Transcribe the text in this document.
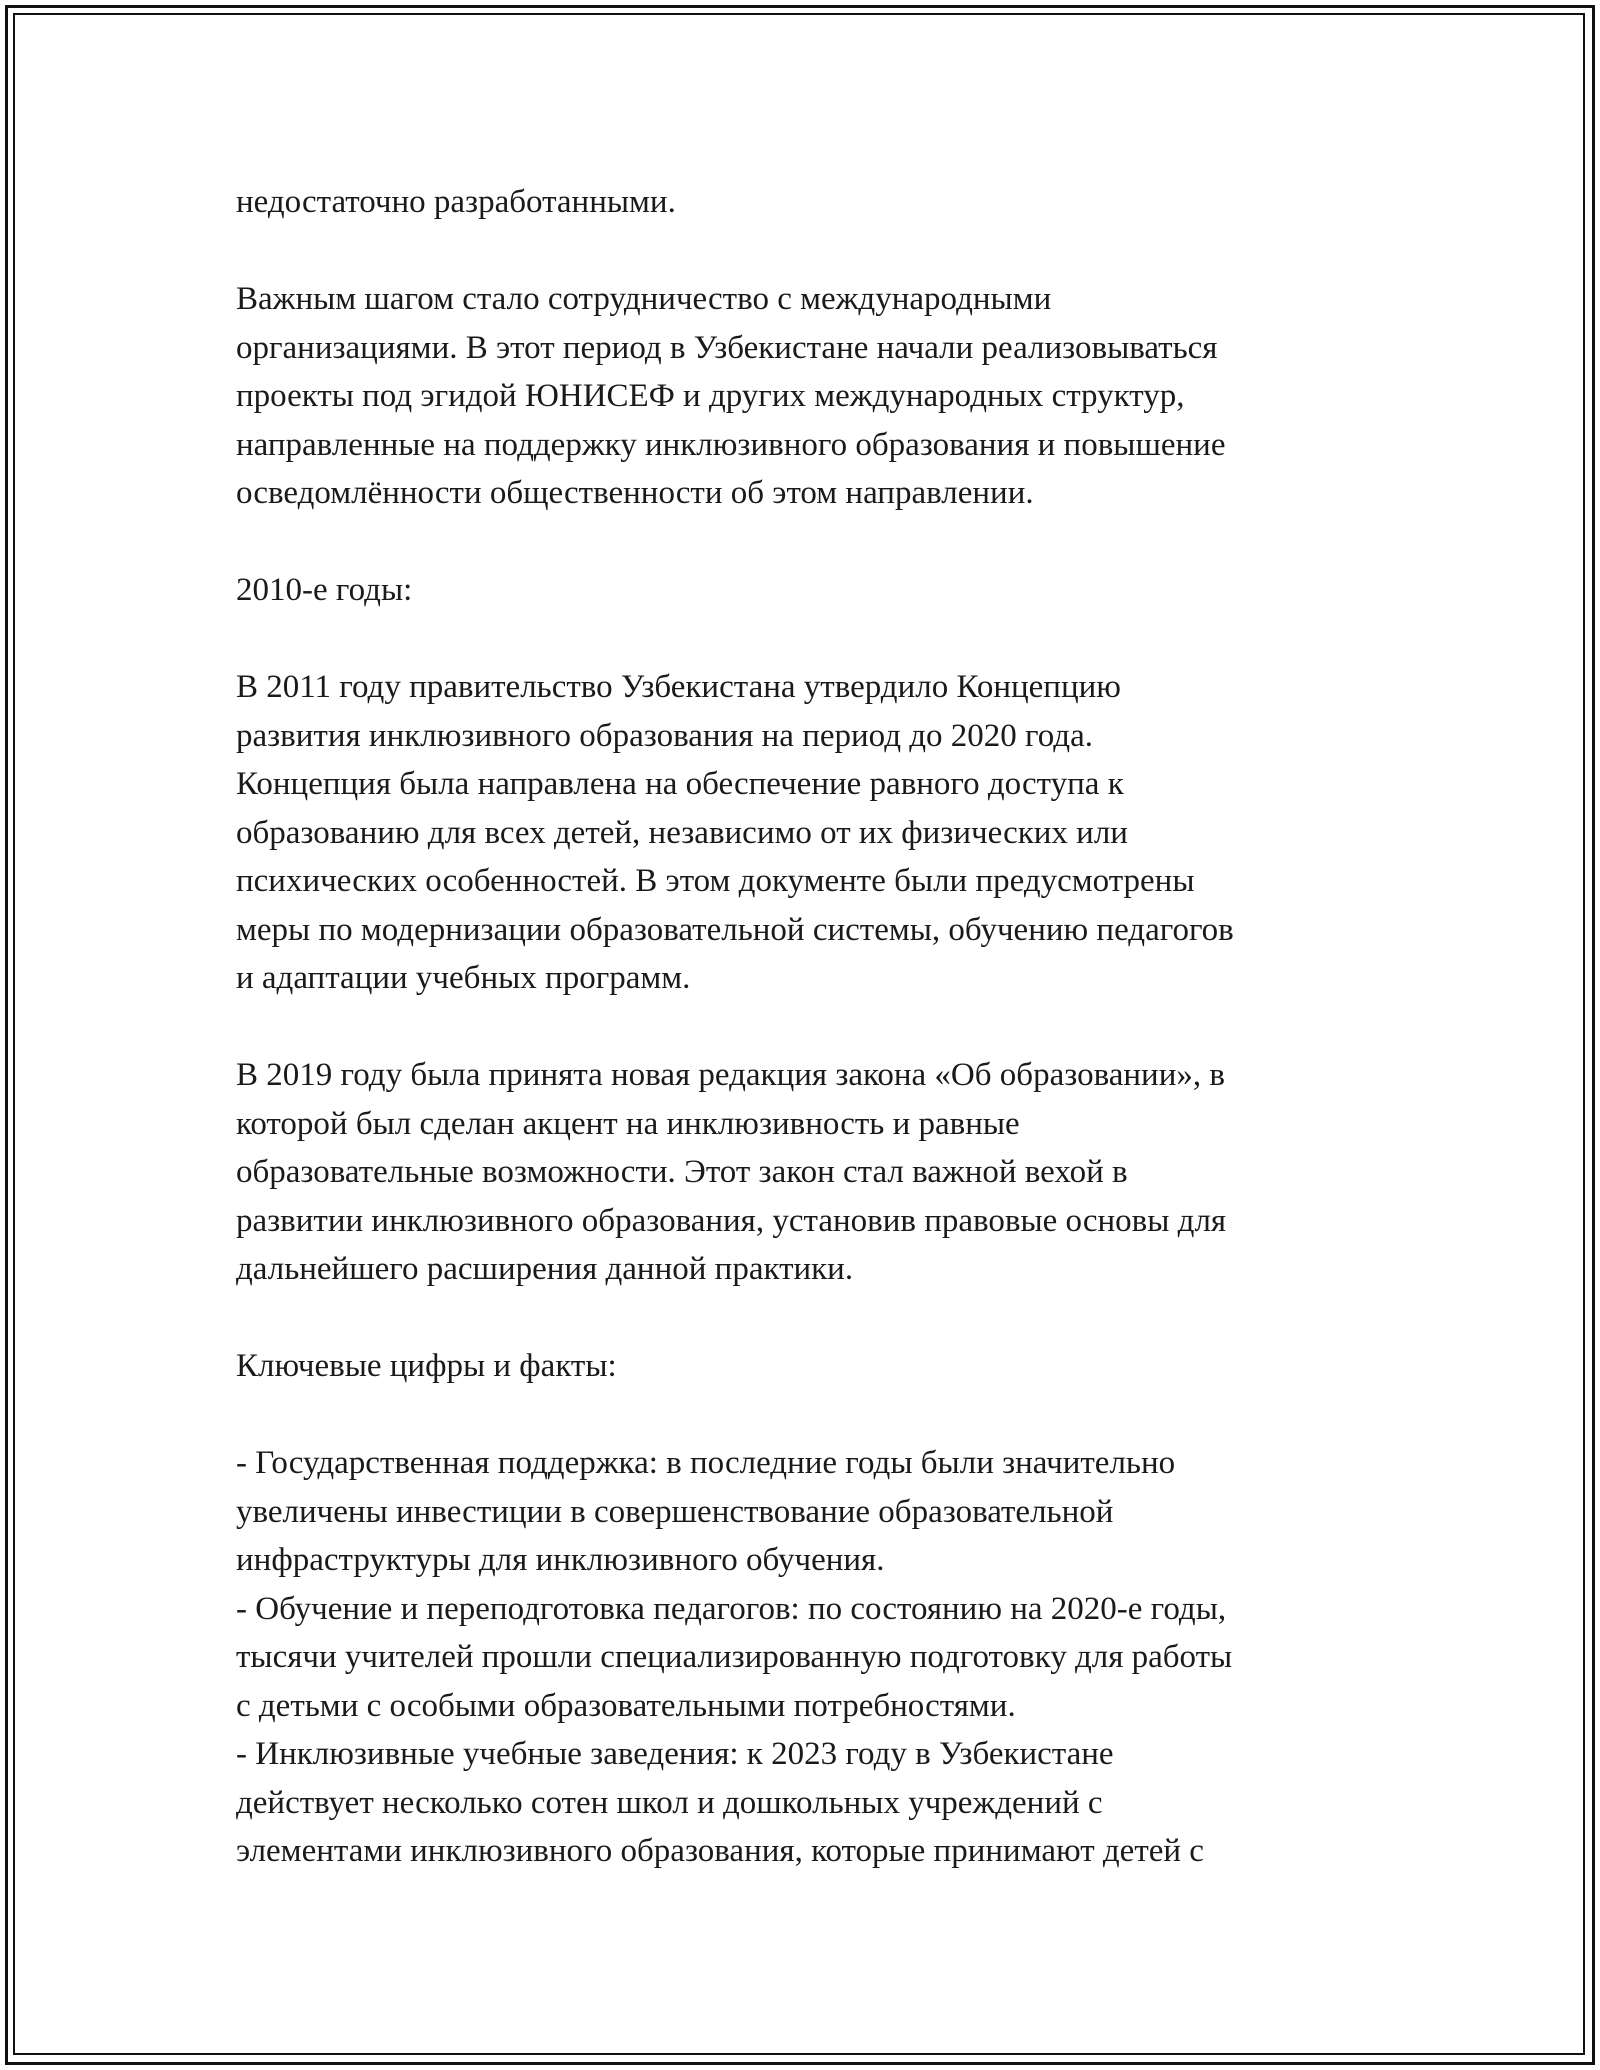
недостаточно разработанными.
Важным шагом стало сотрудничество с международными
организациями. В этот период в Узбекистане начали реализовываться
проекты под эгидой ЮНИСЕФ и других международных структур,
направленные на поддержку инклюзивного образования и повышение
осведомлённости общественности об этом направлении.
2010-е годы:
В 2011 году правительство Узбекистана утвердило Концепцию
развития инклюзивного образования на период до 2020 года.
Концепция была направлена на обеспечение равного доступа к
образованию для всех детей, независимо от их физических или
психических особенностей. В этом документе были предусмотрены
меры по модернизации образовательной системы, обучению педагогов
и адаптации учебных программ.
В 2019 году была принята новая редакция закона «Об образовании», в
которой был сделан акцент на инклюзивность и равные
образовательные возможности. Этот закон стал важной вехой в
развитии инклюзивного образования, установив правовые основы для
дальнейшего расширения данной практики.
Ключевые цифры и факты:
- Государственная поддержка: в последние годы были значительно
увеличены инвестиции в совершенствование образовательной
инфраструктуры для инклюзивного обучения.
- Обучение и переподготовка педагогов: по состоянию на 2020-е годы,
тысячи учителей прошли специализированную подготовку для работы
с детьми с особыми образовательными потребностями.
- Инклюзивные учебные заведения: к 2023 году в Узбекистане
действует несколько сотен школ и дошкольных учреждений с
элементами инклюзивного образования, которые принимают детей с
